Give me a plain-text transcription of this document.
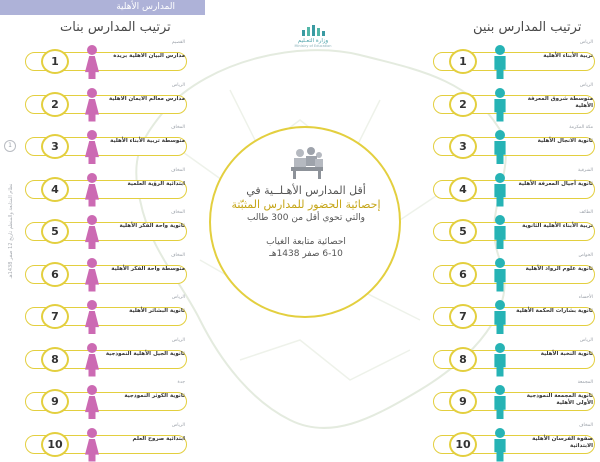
المدارس الأهلية
ترتيب المدارس بنات	ترتيب المدارس بنين
وزارة التعـليم
Ministry of Education
1
القصيم
مدارس البيان الاهلية بريدة
2
الرياض
مدارس معالم الايمان الاهلية
3
المخاف
متوسطة تربية الأبناء الأهلية
4
المخاف
ابتدائية الرؤية العلمية
5
المخاف
ثانوية واحة الفكر الأهلية
6
المخاف
متوسطة واحة الفكر الأهلية
7
الرياض
ثانوية البشائر الأهلية
8
الرياض
ثانوية الجيل الأهلية النموذجية
9
جدة
ثانوية الكوثر النموذجية
10
الرياض
ابتدائية صروح العلم
1
الرياض
تربية الأبناء الأهلية
2
الرياض
متوسطة شروق المعرفة الأهلية
3
مكة المكرمة
ثانوية الانجال الأهلية
4
الشرقية
ثانوية أجيال المعرفة الأهلية
5
الطائف
تربية الأبناء الأهلية الثانوية
6
الخواص
ثانوية علوم الرواد الأهلية
7
الأحساء
ثانوية بشارات الحكمة الأهلية
8
الرياض
ثانوية النخبة الأهلية
9
المجمعة
ثانوية المجمعة النموذجية الأولى الأهلية
10
المخاف
صفوة الفرسان الأهلية الابتدائية
أقل المدارس الأهـلــية في
إحصائية الحضور للمدارس المثبّتة
والتي تحوي أقل من 300 طالب
احصائية متابعة الغياب
6-10 صفر 1438هـ
1
نظام المتابعة والمنظم تاريخ 12 صفر 1438هـ
